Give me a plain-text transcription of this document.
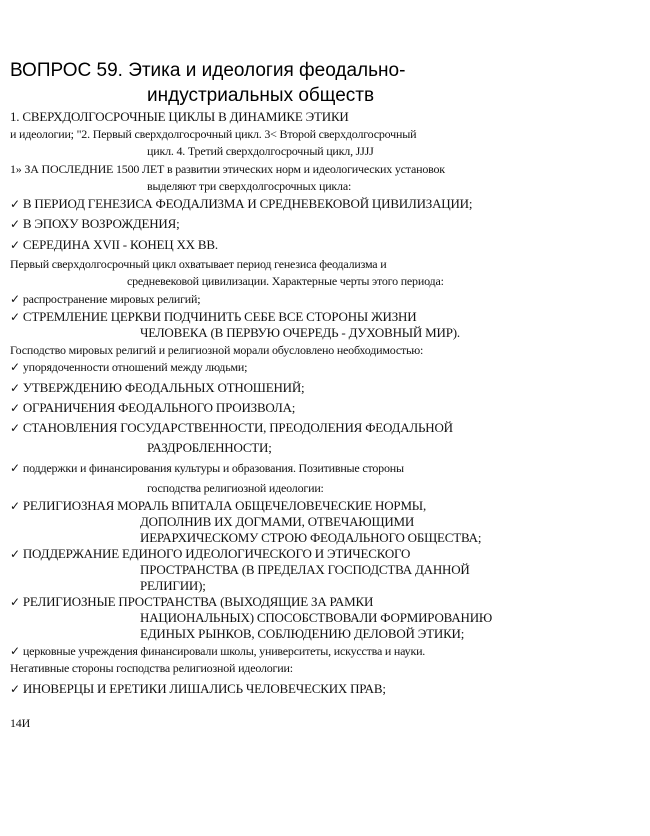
ВОПРОС 59. Этика и идеология феодально-
индустриальных обществ
1. СВЕРХДОЛГОСРОЧНЫЕ ЦИКЛЫ В ДИНАМИКЕ ЭТИКИ
и идеологии; "2. Первый сверхдолгосрочный цикл. 3< Второй сверхдолгосрочный
цикл. 4. Третий сверхдолгосрочный цикл, JJJJ
1» ЗА ПОСЛЕДНИЕ 1500 ЛЕТ в развитии этических норм и идеологических установок
выделяют три сверхдолгосрочных цикла:
✓ В ПЕРИОД ГЕНЕЗИСА ФЕОДАЛИЗМА И СРЕДНЕВЕКОВОЙ ЦИВИЛИЗАЦИИ;
✓ В ЭПОХУ ВОЗРОЖДЕНИЯ;
✓ СЕРЕДИНА XVII - КОНЕЦ XX ВВ.
Первый сверхдолгосрочный цикл охватывает период генезиса феодализма и
средневековой цивилизации. Характерные черты этого периода:
✓ распространение мировых религий;
✓ СТРЕМЛЕНИЕ ЦЕРКВИ ПОДЧИНИТЬ СЕБЕ ВСЕ СТОРОНЫ ЖИЗНИ
ЧЕЛОВЕКА (В ПЕРВУЮ ОЧЕРЕДЬ - ДУХОВНЫЙ МИР).
Господство мировых религий и религиозной морали обусловлено необходимостью:
✓ упорядоченности отношений между людьми;
✓ УТВЕРЖДЕНИЮ ФЕОДАЛЬНЫХ ОТНОШЕНИЙ;
✓ ОГРАНИЧЕНИЯ ФЕОДАЛЬНОГО ПРОИЗВОЛА;
✓ СТАНОВЛЕНИЯ ГОСУДАРСТВЕННОСТИ, ПРЕОДОЛЕНИЯ ФЕОДАЛЬНОЙ
РАЗДРОБЛЕННОСТИ;
✓ поддержки и финансирования культуры и образования. Позитивные стороны
господства религиозной идеологии:
✓ РЕЛИГИОЗНАЯ МОРАЛЬ ВПИТАЛА ОБЩЕЧЕЛОВЕЧЕСКИЕ НОРМЫ,
ДОПОЛНИВ ИХ ДОГМАМИ, ОТВЕЧАЮЩИМИ
ИЕРАРХИЧЕСКОМУ СТРОЮ ФЕОДАЛЬНОГО ОБЩЕСТВА;
✓ ПОДДЕРЖАНИЕ ЕДИНОГО ИДЕОЛОГИЧЕСКОГО И ЭТИЧЕСКОГО
ПРОСТРАНСТВА (В ПРЕДЕЛАХ ГОСПОДСТВА ДАННОЙ
РЕЛИГИИ);
✓ РЕЛИГИОЗНЫЕ ПРОСТРАНСТВА (ВЫХОДЯЩИЕ ЗА РАМКИ
НАЦИОНАЛЬНЫХ) СПОСОБСТВОВАЛИ ФОРМИРОВАНИЮ
ЕДИНЫХ РЫНКОВ, СОБЛЮДЕНИЮ ДЕЛОВОЙ ЭТИКИ;
✓ церковные учреждения финансировали школы, университеты, искусства и науки.
Негативные стороны господства религиозной идеологии:
✓ ИНОВЕРЦЫ И ЕРЕТИКИ ЛИШАЛИСЬ ЧЕЛОВЕЧЕСКИХ ПРАВ;
14И
